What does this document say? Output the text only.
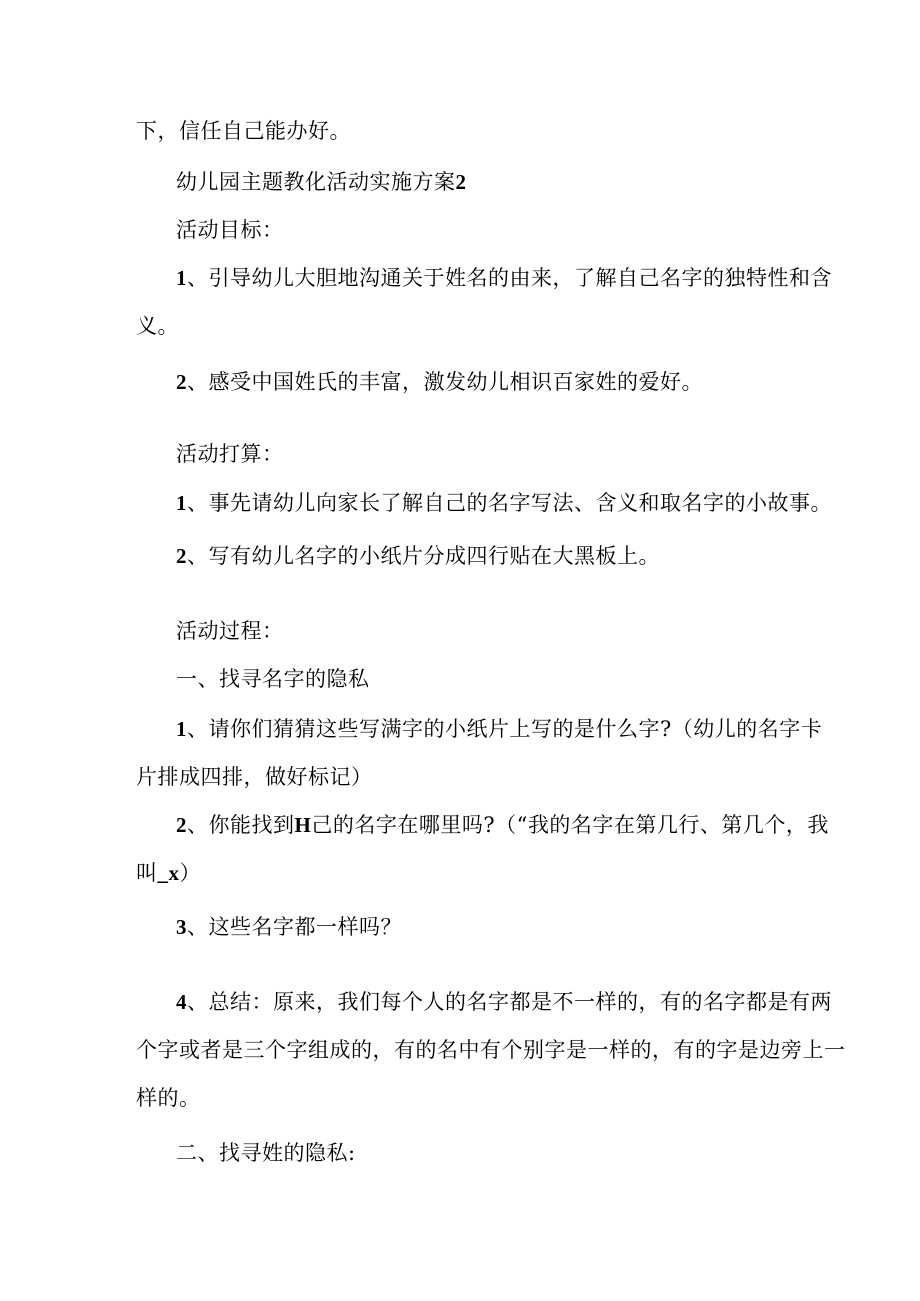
下，信任自己能办好。
幼儿园主题教化活动实施方案2
活动目标：
1、引导幼儿大胆地沟通关于姓名的由来，了解自己名字的独特性和含
义。
2、感受中国姓氏的丰富，激发幼儿相识百家姓的爱好。
活动打算：
1、事先请幼儿向家长了解自己的名字写法、含义和取名字的小故事。
2、写有幼儿名字的小纸片分成四行贴在大黑板上。
活动过程：
一、找寻名字的隐私
1、请你们猜猜这些写满字的小纸片上写的是什么字?（幼儿的名字卡
片排成四排，做好标记）
2、你能找到H己的名字在哪里吗?（“我的名字在第几行、第几个，我
叫_x）
3、这些名字都一样吗？
4、总结：原来，我们每个人的名字都是不一样的，有的名字都是有两
个字或者是三个字组成的，有的名中有个别字是一样的，有的字是边旁上一
样的。
二、找寻姓的隐私:
